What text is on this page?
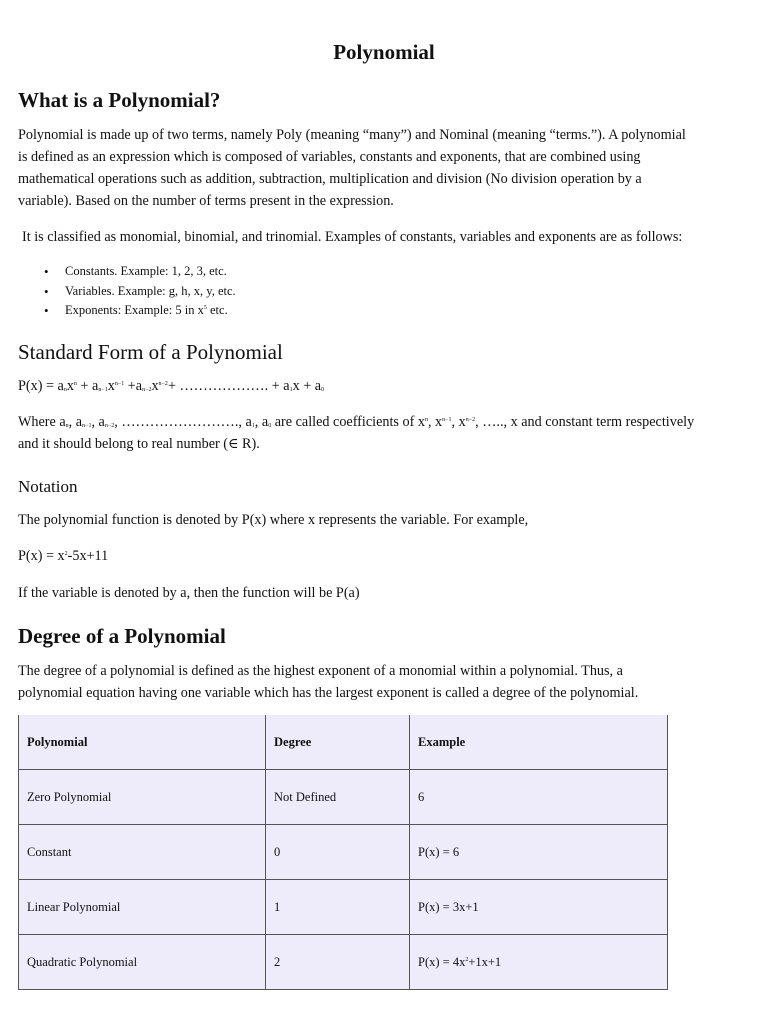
Polynomial
What is a Polynomial?
Polynomial is made up of two terms, namely Poly (meaning “many”) and Nominal (meaning “terms.”). A polynomial
is defined as an expression which is composed of variables, constants and exponents, that are combined using
mathematical operations such as addition, subtraction, multiplication and division (No division operation by a
variable). Based on the number of terms present in the expression.
It is classified as monomial, binomial, and trinomial. Examples of constants, variables and exponents are as follows:
• Constants. Example: 1, 2, 3, etc.
• Variables. Example: g, h, x, y, etc.
• Exponents: Example: 5 in $x^5$ etc.
Standard Form of a Polynomial
$P(x) = a_nx^n + a_{n-1}x^{n-1} +a_{n-2}x^{n-2}+$ ………………. + $a_1x + a_0$
Where $a_n$, $a_{n-1}$, $a_{n-2}$, ……………………., $a_1$, $a_0$ are called coefficients of $x^n$, $x^{n-1}$, $x^{n-2}$, ….., x and constant term respectively
and it should belong to real number (∈ R).
Notation
The polynomial function is denoted by P(x) where x represents the variable. For example,
$P(x) = x^2-5x+11$
If the variable is denoted by a, then the function will be P(a)
Degree of a Polynomial
The degree of a polynomial is defined as the highest exponent of a monomial within a polynomial. Thus, a
polynomial equation having one variable which has the largest exponent is called a degree of the polynomial.
Polynomial	Degree	Example
Zero Polynomial	Not Defined	6
Constant	0	P(x) = 6
Linear Polynomial	1	P(x) = 3x+1
Quadratic Polynomial	2	$P(x) = 4x^2+1x+1$
